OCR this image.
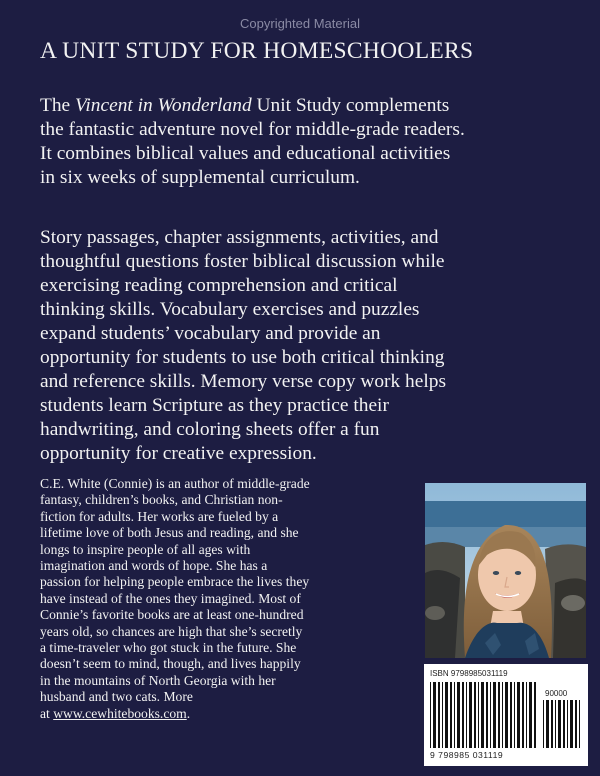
Copyrighted Material
A UNIT STUDY FOR HOMESCHOOLERS
The Vincent in Wonderland Unit Study complements
the fantastic adventure novel for middle-grade readers.
It combines biblical values and educational activities
in six weeks of supplemental curriculum.
Story passages, chapter assignments, activities, and
thoughtful questions foster biblical discussion while
exercising reading comprehension and critical
thinking skills. Vocabulary exercises and puzzles
expand students’ vocabulary and provide an
opportunity for students to use both critical thinking
and reference skills. Memory verse copy work helps
students learn Scripture as they practice their
handwriting, and coloring sheets offer a fun
opportunity for creative expression.
C.E. White (Connie) is an author of middle-grade
fantasy, children’s books, and Christian non-
fiction for adults. Her works are fueled by a
lifetime love of both Jesus and reading, and she
longs to inspire people of all ages with
imagination and words of hope. She has a
passion for helping people embrace the lives they
have instead of the ones they imagined. Most of
Connie’s favorite books are at least one-hundred
years old, so chances are high that she’s secretly
a time-traveler who got stuck in the future. She
doesn’t seem to mind, though, and lives happily
in the mountains of North Georgia with her
husband and two cats. More
at www.cewhitebooks.com.
ISBN 9798985031119
90000
9 798985 031119
